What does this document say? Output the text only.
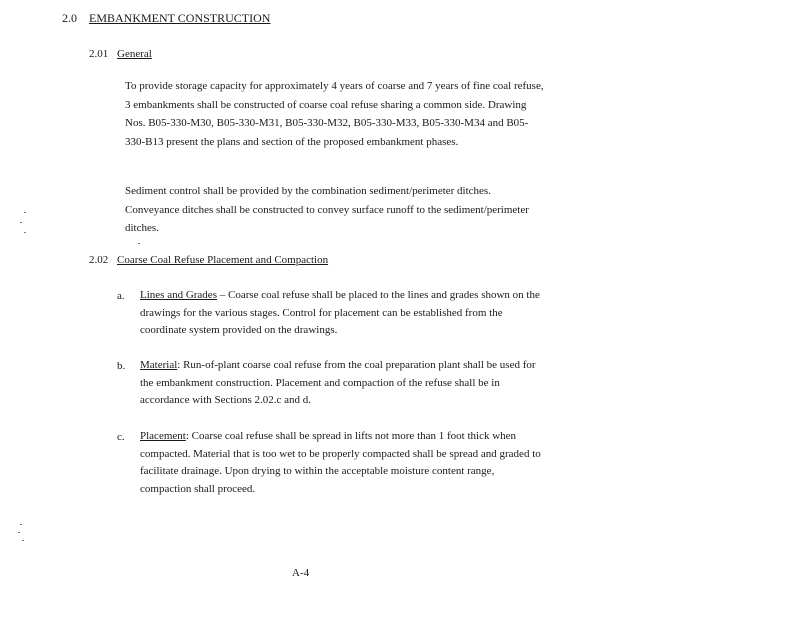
2.0 EMBANKMENT CONSTRUCTION
2.01 General

To provide storage capacity for approximately 4 years of coarse and 7 years of fine coal refuse, 3 embankments shall be constructed of coarse coal refuse sharing a common side. Drawing Nos. B05-330-M30, B05-330-M31, B05-330-M32, B05-330-M33, B05-330-M34 and B05-330-B13 present the plans and section of the proposed embankment phases.

Sediment control shall be provided by the combination sediment/perimeter ditches. Conveyance ditches shall be constructed to convey surface runoff to the sediment/perimeter ditches.

2.02 Coarse Coal Refuse Placement and Compaction
a. Lines and Grades – Coarse coal refuse shall be placed to the lines and grades shown on the drawings for the various stages. Control for placement can be established from the coordinate system provided on the drawings.
b. Material: Run-of-plant coarse coal refuse from the coal preparation plant shall be used for the embankment construction. Placement and compaction of the refuse shall be in accordance with Sections 2.02.c and d.
c. Placement: Coarse coal refuse shall be spread in lifts not more than 1 foot thick when compacted. Material that is too wet to be properly compacted shall be spread and graded to facilitate drainage. Upon drying to within the acceptable moisture content range, compaction shall proceed.
A-4
